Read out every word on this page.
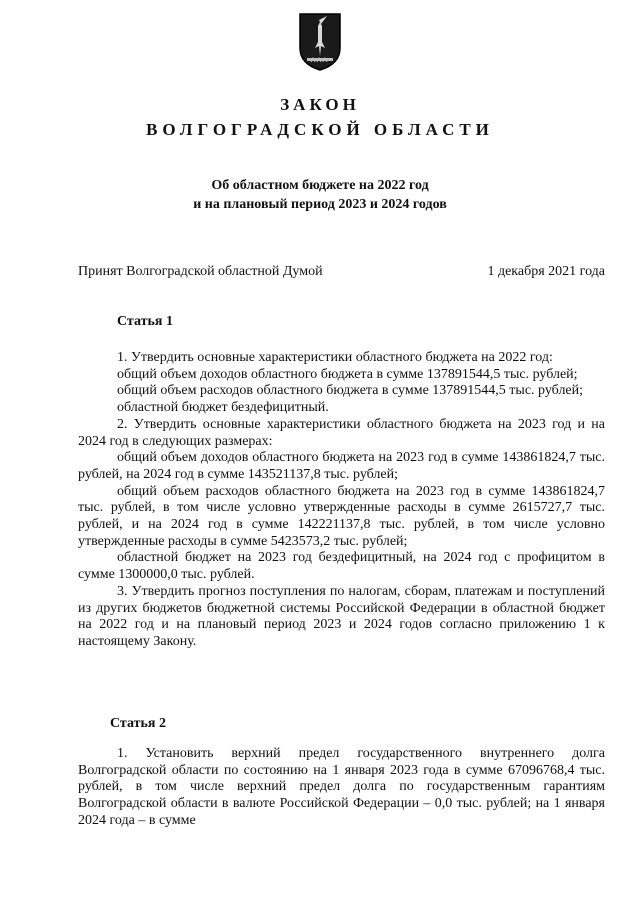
ЗАКОН
ВОЛГОГРАДСКОЙ ОБЛАСТИ
Об областном бюджете на 2022 год
и на плановый период 2023 и 2024 годов
Принят Волгоградской областной Думой	1 декабря 2021 года
Статья 1

1. Утвердить основные характеристики областного бюджета на 2022 год:

общий объем доходов областного бюджета в сумме 137891544,5 тыс. рублей;

общий объем расходов областного бюджета в сумме 137891544,5 тыс. рублей;

областной бюджет бездефицитный.

2. Утвердить основные характеристики областного бюджета на 2023 год и на 2024 год в следующих размерах:

общий объем доходов областного бюджета на 2023 год в сумме 143861824,7 тыс. рублей, на 2024 год в сумме 143521137,8 тыс. рублей;

общий объем расходов областного бюджета на 2023 год в сумме 143861824,7 тыс. рублей, в том числе условно утвержденные расходы в сумме 2615727,7 тыс. рублей, и на 2024 год в сумме 142221137,8 тыс. рублей, в том числе условно утвержденные расходы в сумме 5423573,2 тыс. рублей;

областной бюджет на 2023 год бездефицитный, на 2024 год с профицитом в сумме 1300000,0 тыс. рублей.

3. Утвердить прогноз поступления по налогам, сборам, платежам и поступлений из других бюджетов бюджетной системы Российской Федерации в областной бюджет на 2022 год и на плановый период 2023 и 2024 годов согласно приложению 1 к настоящему Закону.

Статья 2

1. Установить верхний предел государственного внутреннего долга Волгоградской области по состоянию на 1 января 2023 года в сумме 67096768,4 тыс. рублей, в том числе верхний предел долга по государственным гарантиям Волгоградской области в валюте Российской Федерации – 0,0 тыс. рублей; на 1 января 2024 года – в сумме
